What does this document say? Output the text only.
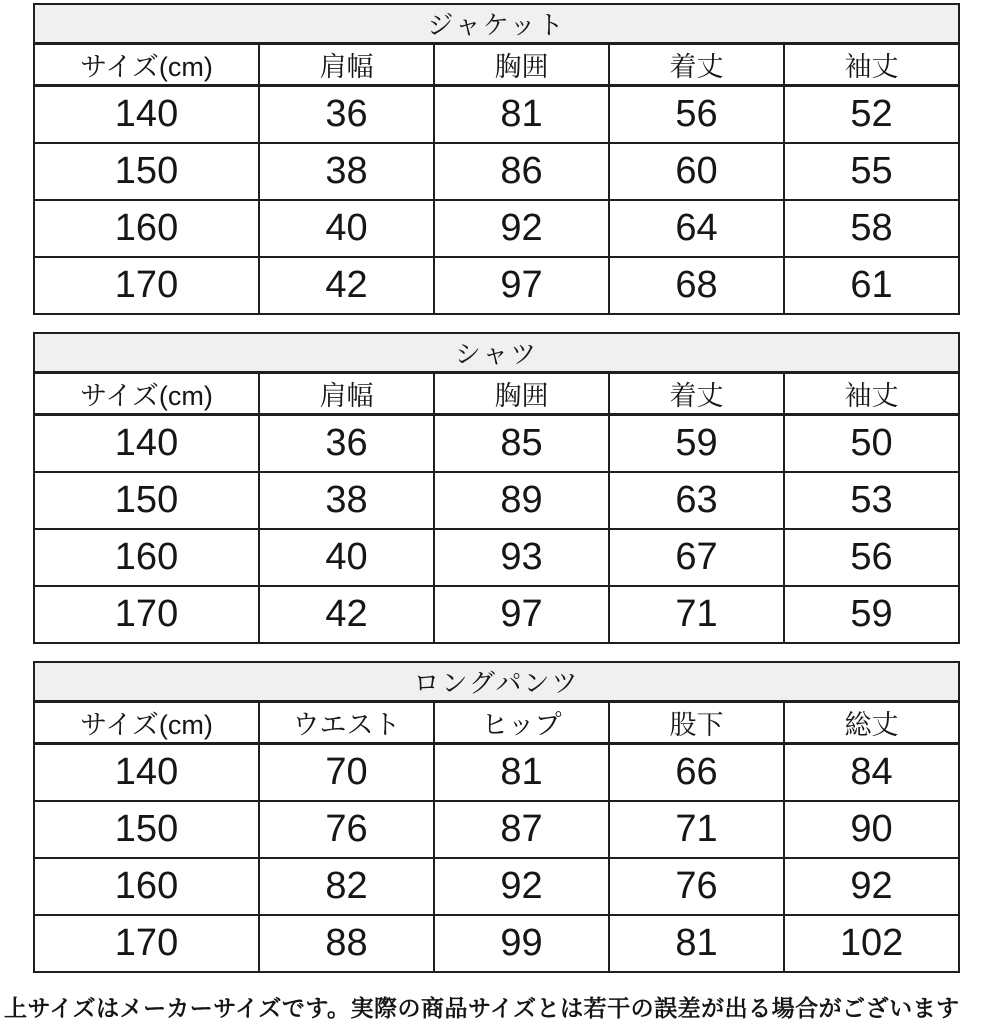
ジャケット				
サイズ(cm)	肩幅	胸囲	着丈	袖丈
140	36	81	56	52
150	38	86	60	55
160	40	92	64	58
170	42	97	68	61
シャツ				
サイズ(cm)	肩幅	胸囲	着丈	袖丈
140	36	85	59	50
150	38	89	63	53
160	40	93	67	56
170	42	97	71	59
ロングパンツ				
サイズ(cm)	ウエスト	ヒップ	股下	総丈
140	70	81	66	84
150	76	87	71	90
160	82	92	76	92
170	88	99	81	102
上サイズはメーカーサイズです。実際の商品サイズとは若干の誤差が出る場合がございます
